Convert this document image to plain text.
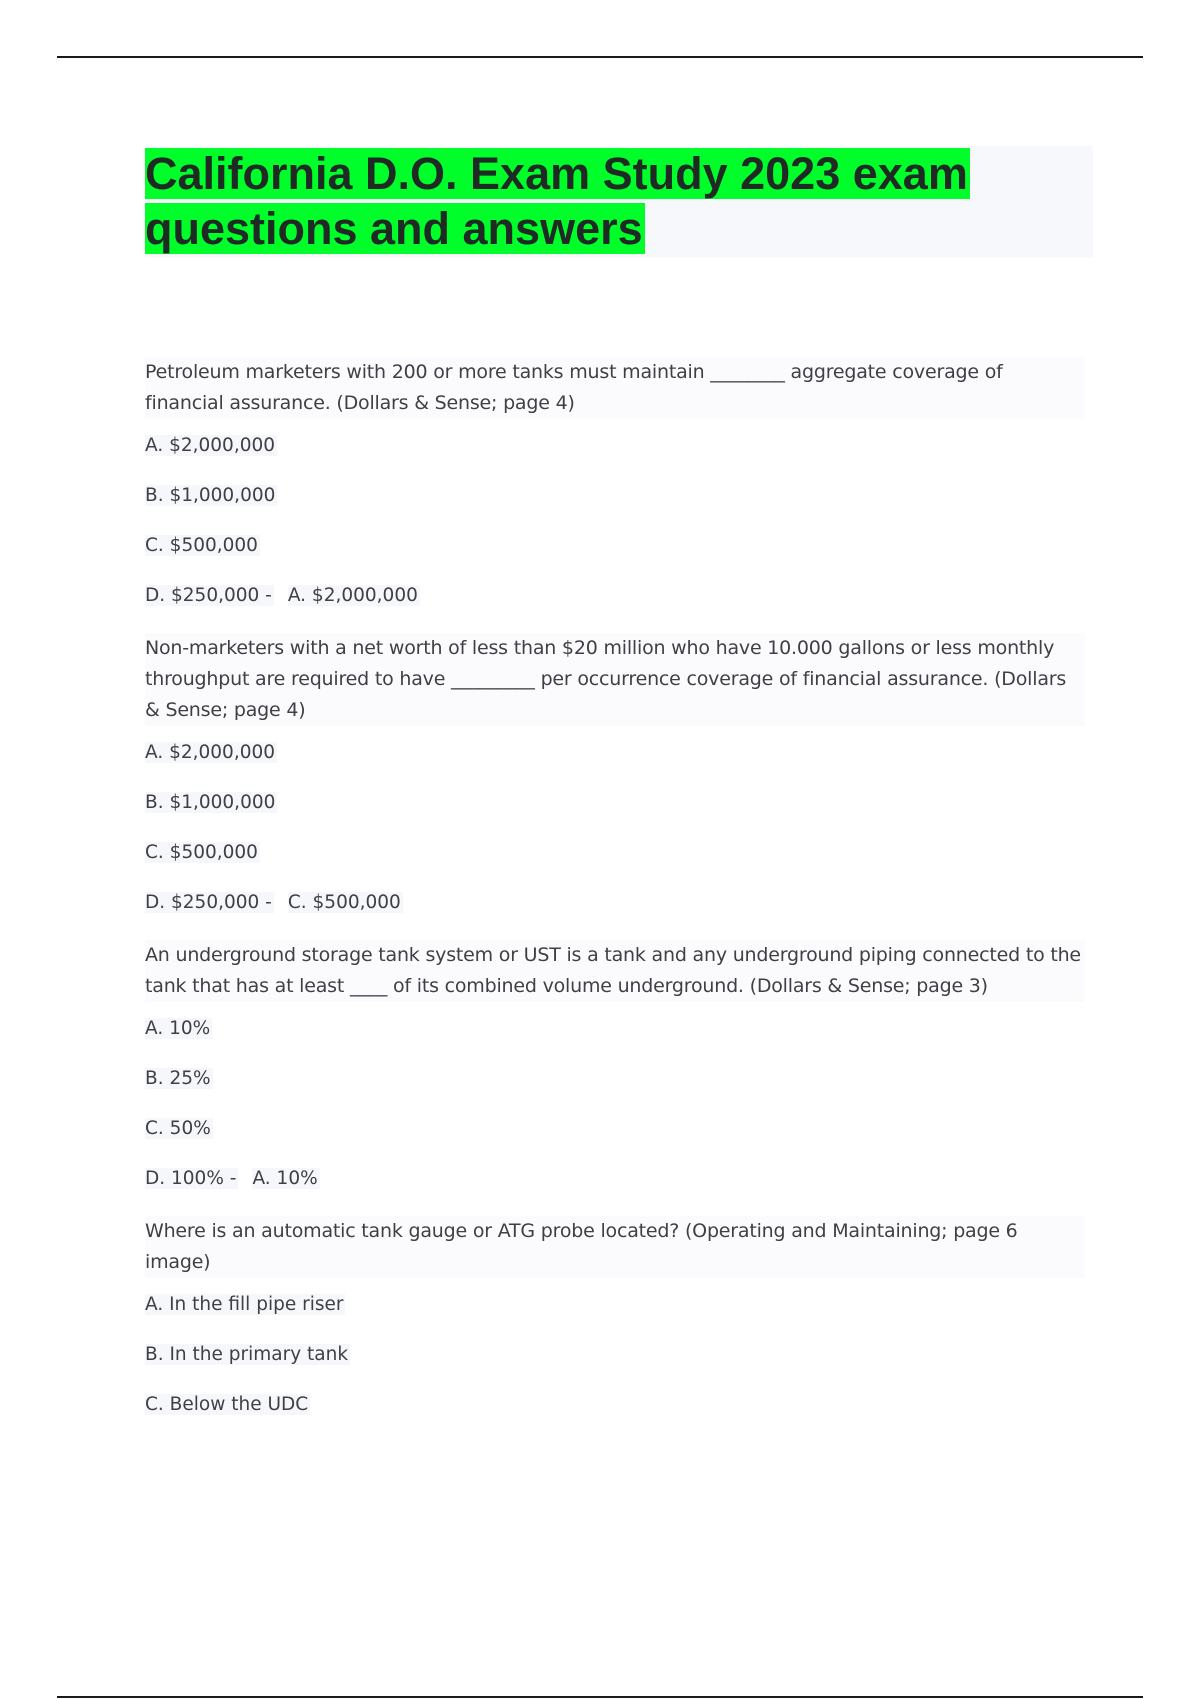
California D.O. Exam Study 2023 exam
questions and answers

Petroleum marketers with 200 or more tanks must maintain ________ aggregate coverage of financial assurance. (Dollars & Sense; page 4)

A. $2,000,000
B. $1,000,000
C. $500,000
D. $250,000 - A. $2,000,000

Non-marketers with a net worth of less than $20 million who have 10.000 gallons or less monthly throughput are required to have _________ per occurrence coverage of financial assurance. (Dollars & Sense; page 4)

A. $2,000,000
B. $1,000,000
C. $500,000
D. $250,000 - C. $500,000

An underground storage tank system or UST is a tank and any underground piping connected to the tank that has at least ____ of its combined volume underground. (Dollars & Sense; page 3)

A. 10%
B. 25%
C. 50%
D. 100% - A. 10%

Where is an automatic tank gauge or ATG probe located? (Operating and Maintaining; page 6 image)

A. In the fill pipe riser
B. In the primary tank
C. Below the UDC
